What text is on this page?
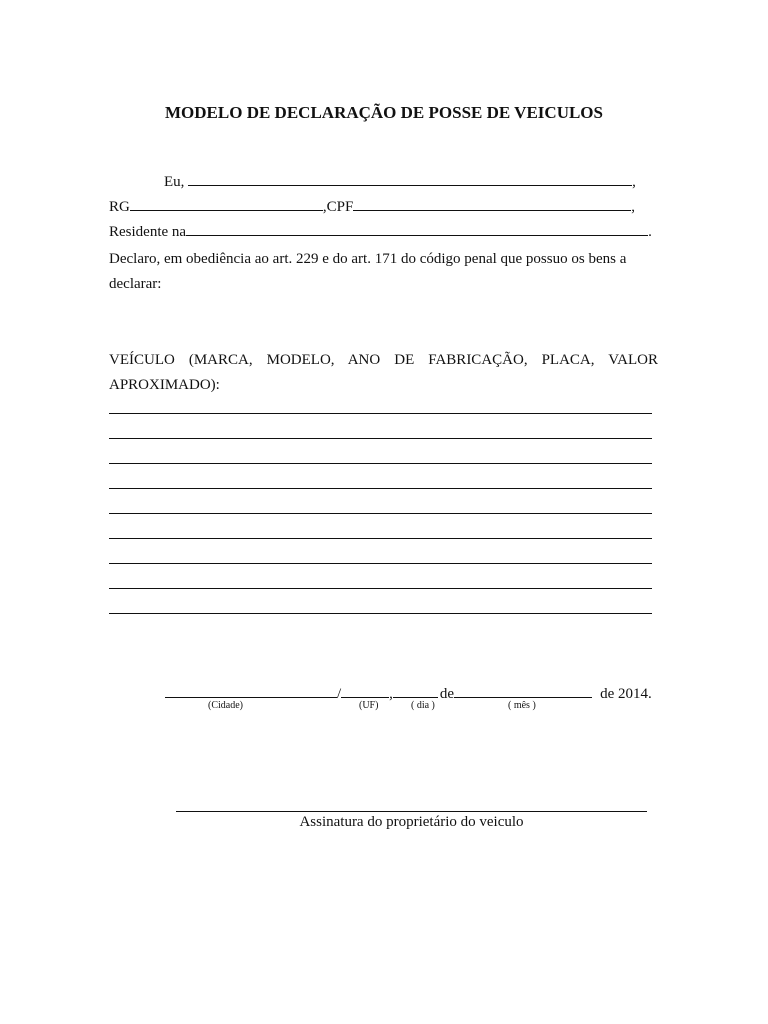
MODELO DE DECLARAÇÃO DE POSSE DE VEICULOS
Eu,	,
RG	,CPF	,
Residente na	.
Declaro, em obediência ao art. 229 e do art. 171 do código penal que possuo os bens a declarar:
VEÍCULO (MARCA, MODELO, ANO DE FABRICAÇÃO, PLACA, VALOR APROXIMADO):
/	,	de	de 2014.
(Cidade)	(UF)	( dia )	( mês )
Assinatura do proprietário do veiculo
